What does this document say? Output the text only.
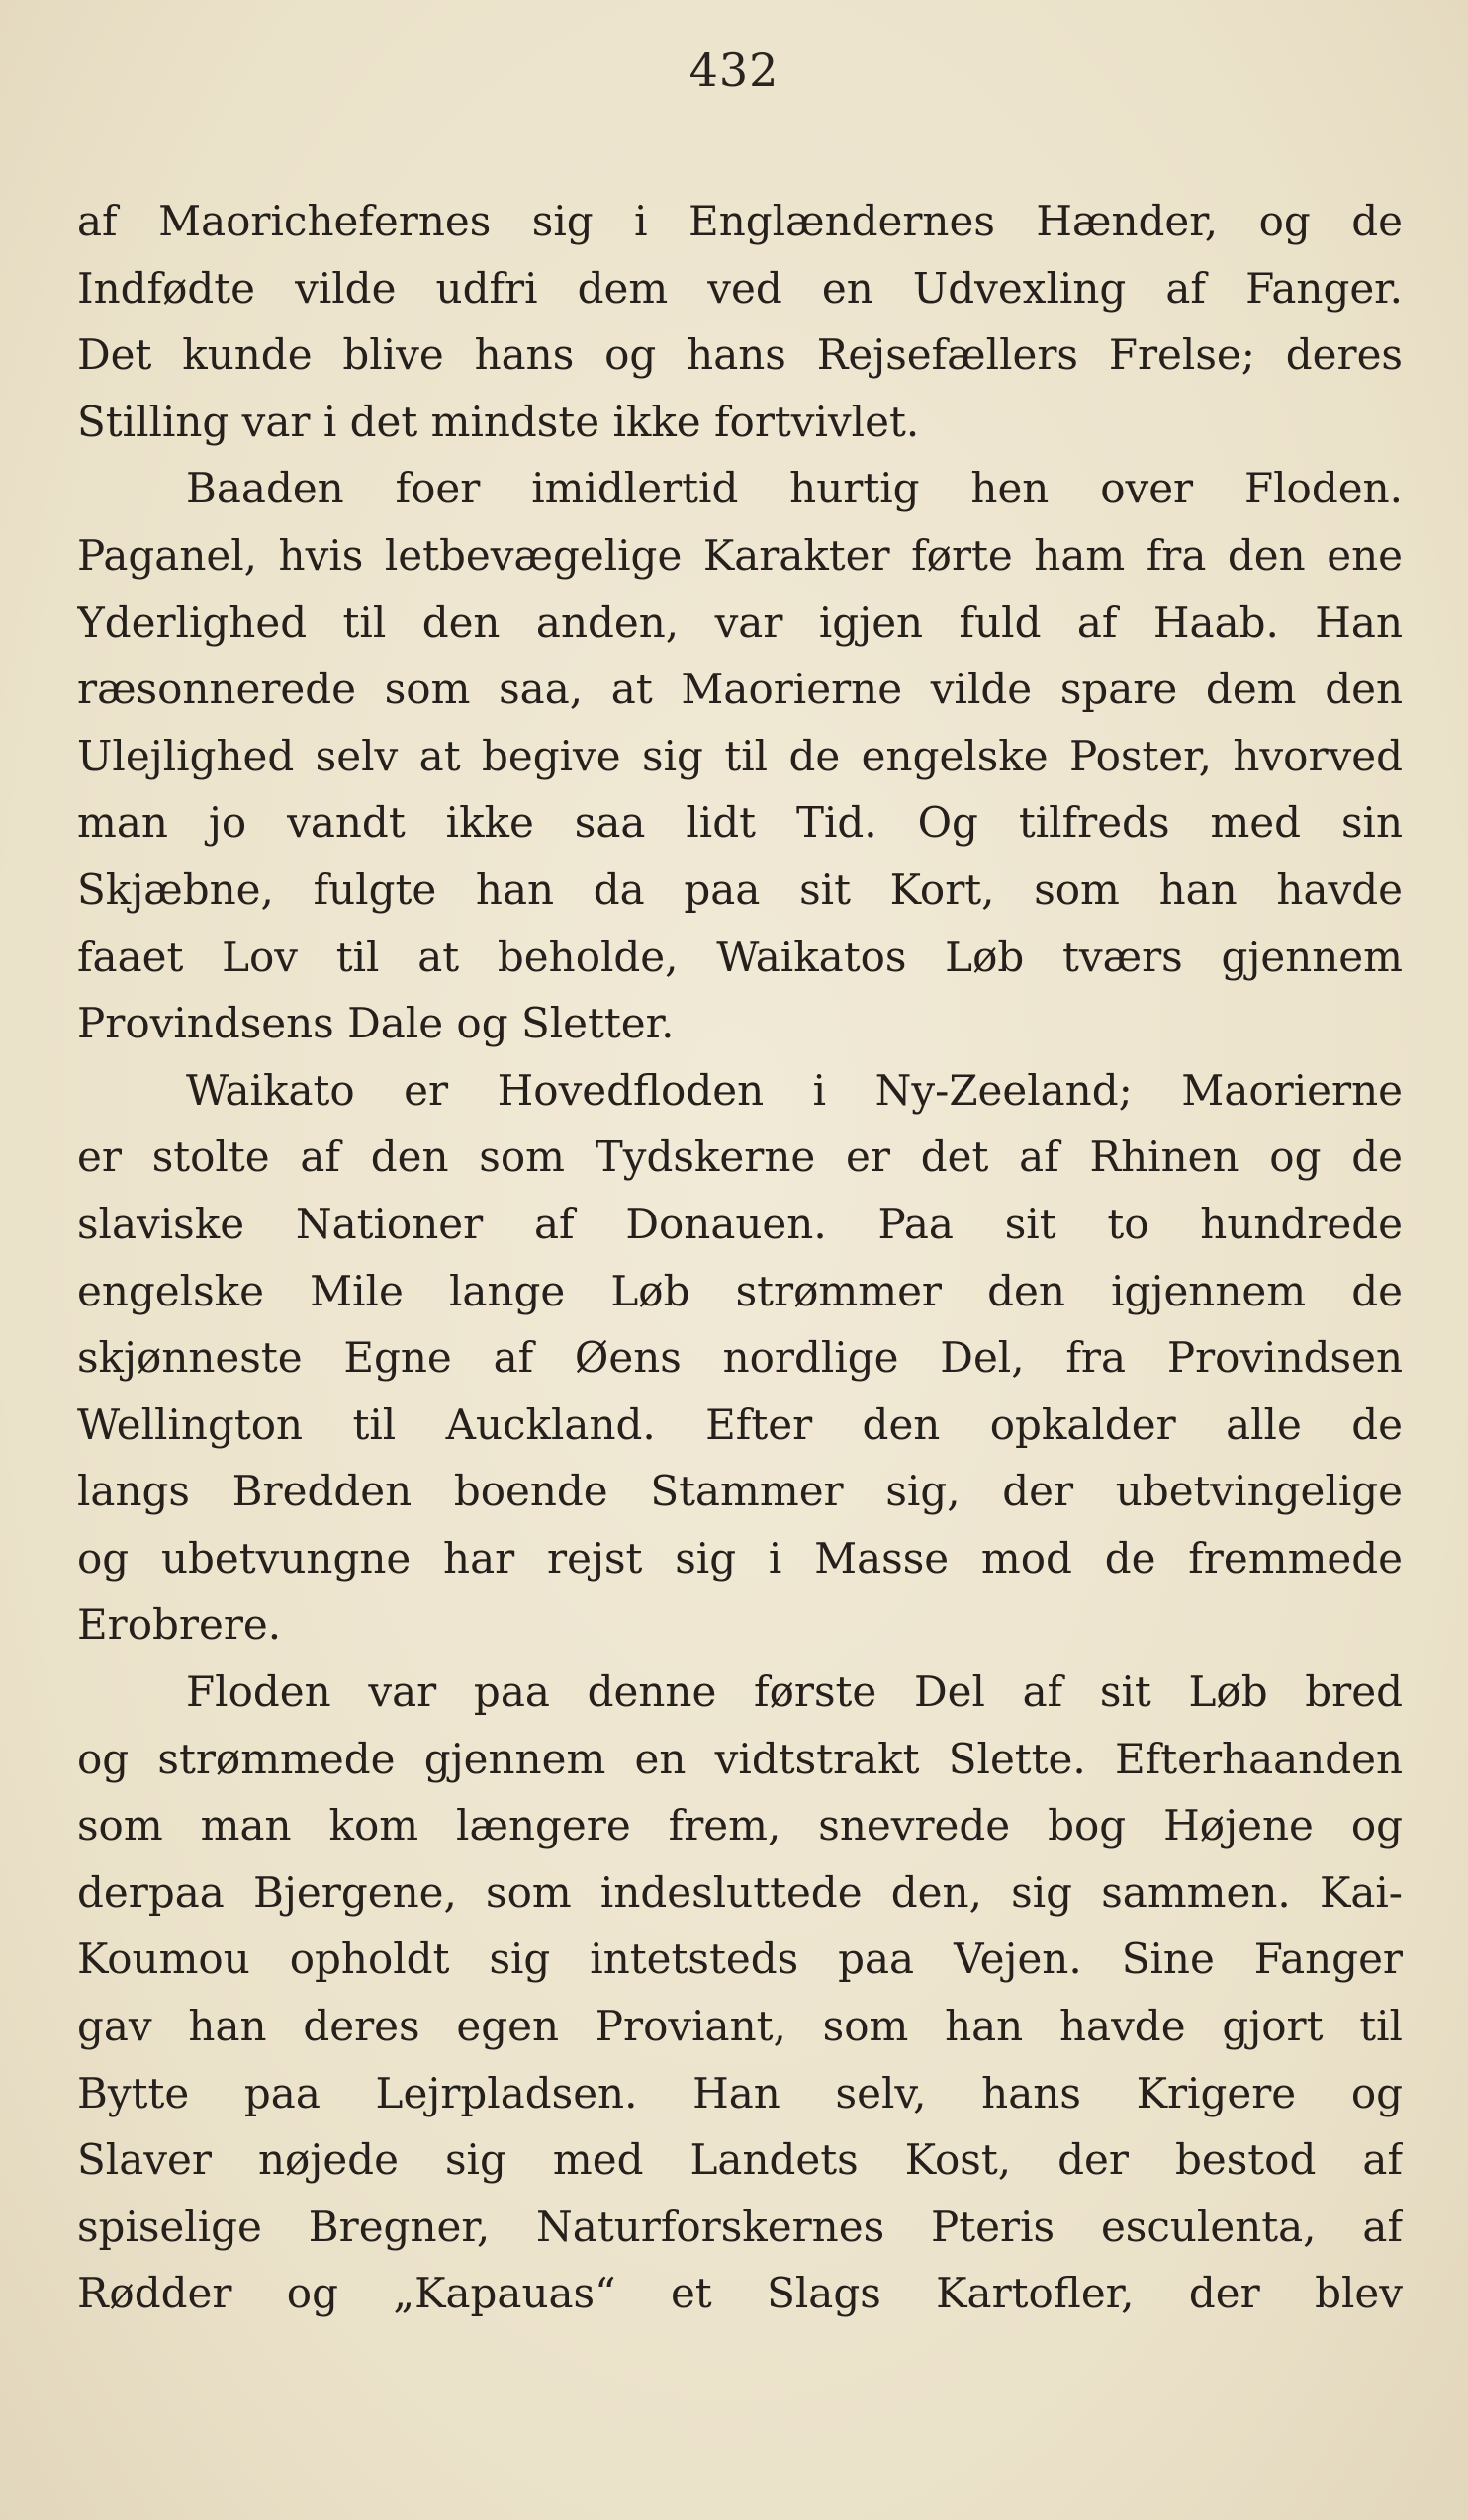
432
af Maorichefernes sig i Englændernes Hænder, og de
Indfødte vilde udfri dem ved en Udvexling af Fanger.
Det kunde blive hans og hans Rejsefællers Frelse; deres
Stilling var i det mindste ikke fortvivlet.
Baaden foer imidlertid hurtig hen over Floden.
Paganel, hvis letbevægelige Karakter førte ham fra den ene
Yderlighed til den anden, var igjen fuld af Haab. Han
ræsonnerede som saa, at Maorierne vilde spare dem den
Ulejlighed selv at begive sig til de engelske Poster, hvorved
man jo vandt ikke saa lidt Tid. Og tilfreds med sin
Skjæbne, fulgte han da paa sit Kort, som han havde
faaet Lov til at beholde, Waikatos Løb tværs gjennem
Provindsens Dale og Sletter.
Waikato er Hovedfloden i Ny-Zeeland; Maorierne
er stolte af den som Tydskerne er det af Rhinen og de
slaviske Nationer af Donauen. Paa sit to hundrede
engelske Mile lange Løb strømmer den igjennem de
skjønneste Egne af Øens nordlige Del, fra Provindsen
Wellington til Auckland. Efter den opkalder alle de
langs Bredden boende Stammer sig, der ubetvingelige
og ubetvungne har rejst sig i Masse mod de fremmede
Erobrere.
Floden var paa denne første Del af sit Løb bred
og strømmede gjennem en vidtstrakt Slette. Efterhaanden
som man kom længere frem, snevrede bog Højene og
derpaa Bjergene, som indesluttede den, sig sammen. Kai-
Koumou opholdt sig intetsteds paa Vejen. Sine Fanger
gav han deres egen Proviant, som han havde gjort til
Bytte paa Lejrpladsen. Han selv, hans Krigere og
Slaver nøjede sig med Landets Kost, der bestod af
spiselige Bregner, Naturforskernes Pteris esculenta, af
Rødder og „Kapauas“ et Slags Kartofler, der blev
